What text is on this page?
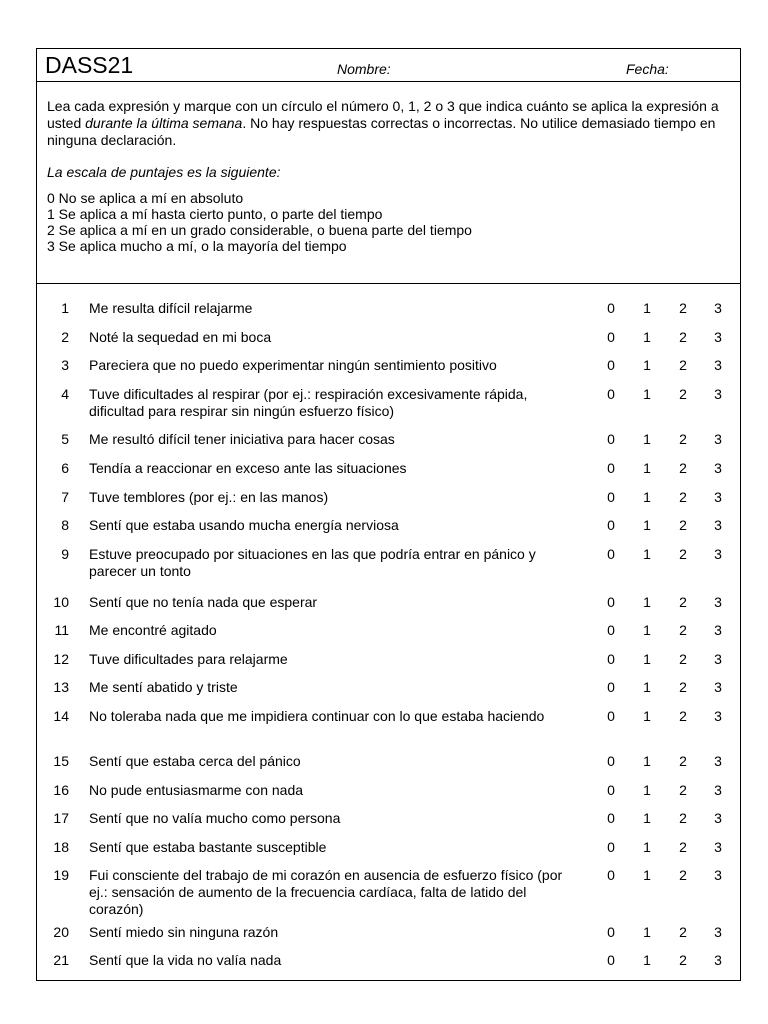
DASS21	Nombre:	Fecha:

Lea cada expresión y marque con un círculo el número 0, 1, 2 o 3 que indica cuánto se aplica la expresión a usted durante la última semana. No hay respuestas correctas o incorrectas. No utilice demasiado tiempo en ninguna declaración.

La escala de puntajes es la siguiente:

0 No se aplica a mí en absoluto
1 Se aplica a mí hasta cierto punto, o parte del tiempo
2 Se aplica a mí en un grado considerable, o buena parte del tiempo
3 Se aplica mucho a mí, o la mayoría del tiempo
1 Me resulta difícil relajarme	0 1 2 3
2 Noté la sequedad en mi boca	0 1 2 3
3 Pareciera que no puedo experimentar ningún sentimiento positivo	0 1 2 3
4 Tuve dificultades al respirar (por ej.: respiración excesivamente rápida, dificultad para respirar sin ningún esfuerzo físico)
0 1 2 3
5 Me resultó difícil tener iniciativa para hacer cosas	0 1 2 3
6 Tendía a reaccionar en exceso ante las situaciones	0 1 2 3
7 Tuve temblores (por ej.: en las manos)	0 1 2 3
8 Sentí que estaba usando mucha energía nerviosa	0 1 2 3
9 Estuve preocupado por situaciones en las que podría entrar en pánico y parecer un tonto
0 1 2 3
10 Sentí que no tenía nada que esperar	0 1 2 3
11 Me encontré agitado	0 1 2 3
12 Tuve dificultades para relajarme	0 1 2 3
13 Me sentí abatido y triste	0 1 2 3
14 No toleraba nada que me impidiera continuar con lo que estaba haciendo	0 1 2 3
15 Sentí que estaba cerca del pánico	0 1 2 3
16 No pude entusiasmarme con nada	0 1 2 3
17 Sentí que no valía mucho como persona	0 1 2 3
18 Sentí que estaba bastante susceptible	0 1 2 3
19 Fui consciente del trabajo de mi corazón en ausencia de esfuerzo físico (por ej.: sensación de aumento de la frecuencia cardíaca, falta de latido del corazón)
0 1 2 3
20 Sentí miedo sin ninguna razón	0 1 2 3
21 Sentí que la vida no valía nada	0 1 2 3
